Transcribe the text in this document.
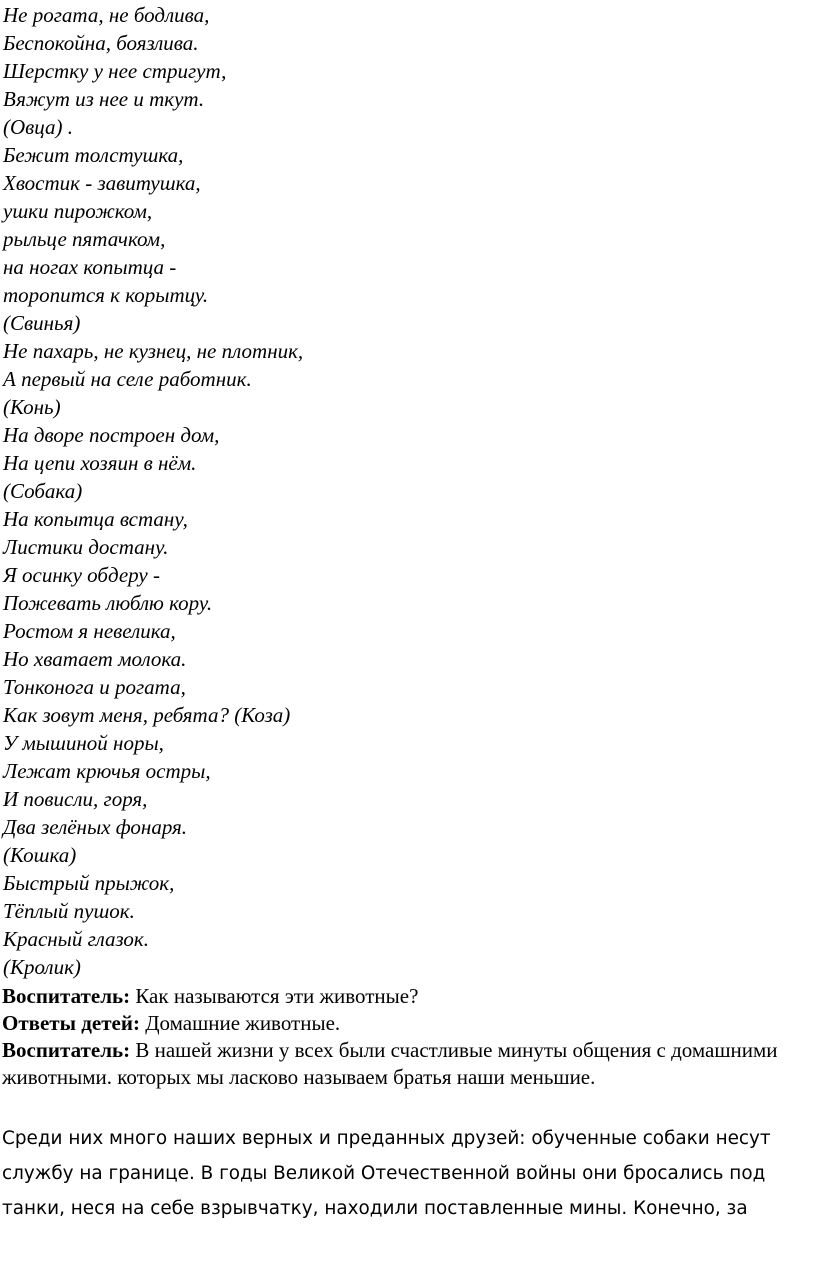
Не рогата, не бодлива,
Беспокойна, боязлива.
Шерстку у нее стригут,
Вяжут из нее и ткут.
(Овца) .
Бежит толстушка,
Хвостик - завитушка,
ушки пирожком,
рыльце пятачком,
на ногах копытца -
торопится к корытцу.
(Свинья)
Не пахарь, не кузнец, не плотник,
А первый на селе работник.
(Конь)
На дворе построен дом,
На цепи хозяин в нём.
(Собака)
На копытца встану,
Листики достану.
Я осинку обдеру -
Пожевать люблю кору.
Ростом я невелика,
Но хватает молока.
Тонконога и рогата,
Как зовут меня, ребята? (Коза)
У мышиной норы,
Лежат крючья остры,
И повисли, горя,
Два зелёных фонаря.
(Кошка)
Быстрый прыжок,
Тёплый пушок.
Красный глазок.
(Кролик)

Воспитатель: Как называются эти животные?

Ответы детей: Домашние животные.

Воспитатель: В нашей жизни у всех были счастливые минуты общения с домашними животными. которых мы ласково называем братья наши меньшие.

Среди них много наших верных и преданных друзей: обученные собаки несут службу на границе. В годы Великой Отечественной войны они бросались под танки, неся на себе взрывчатку, находили поставленные мины. Конечно, за
